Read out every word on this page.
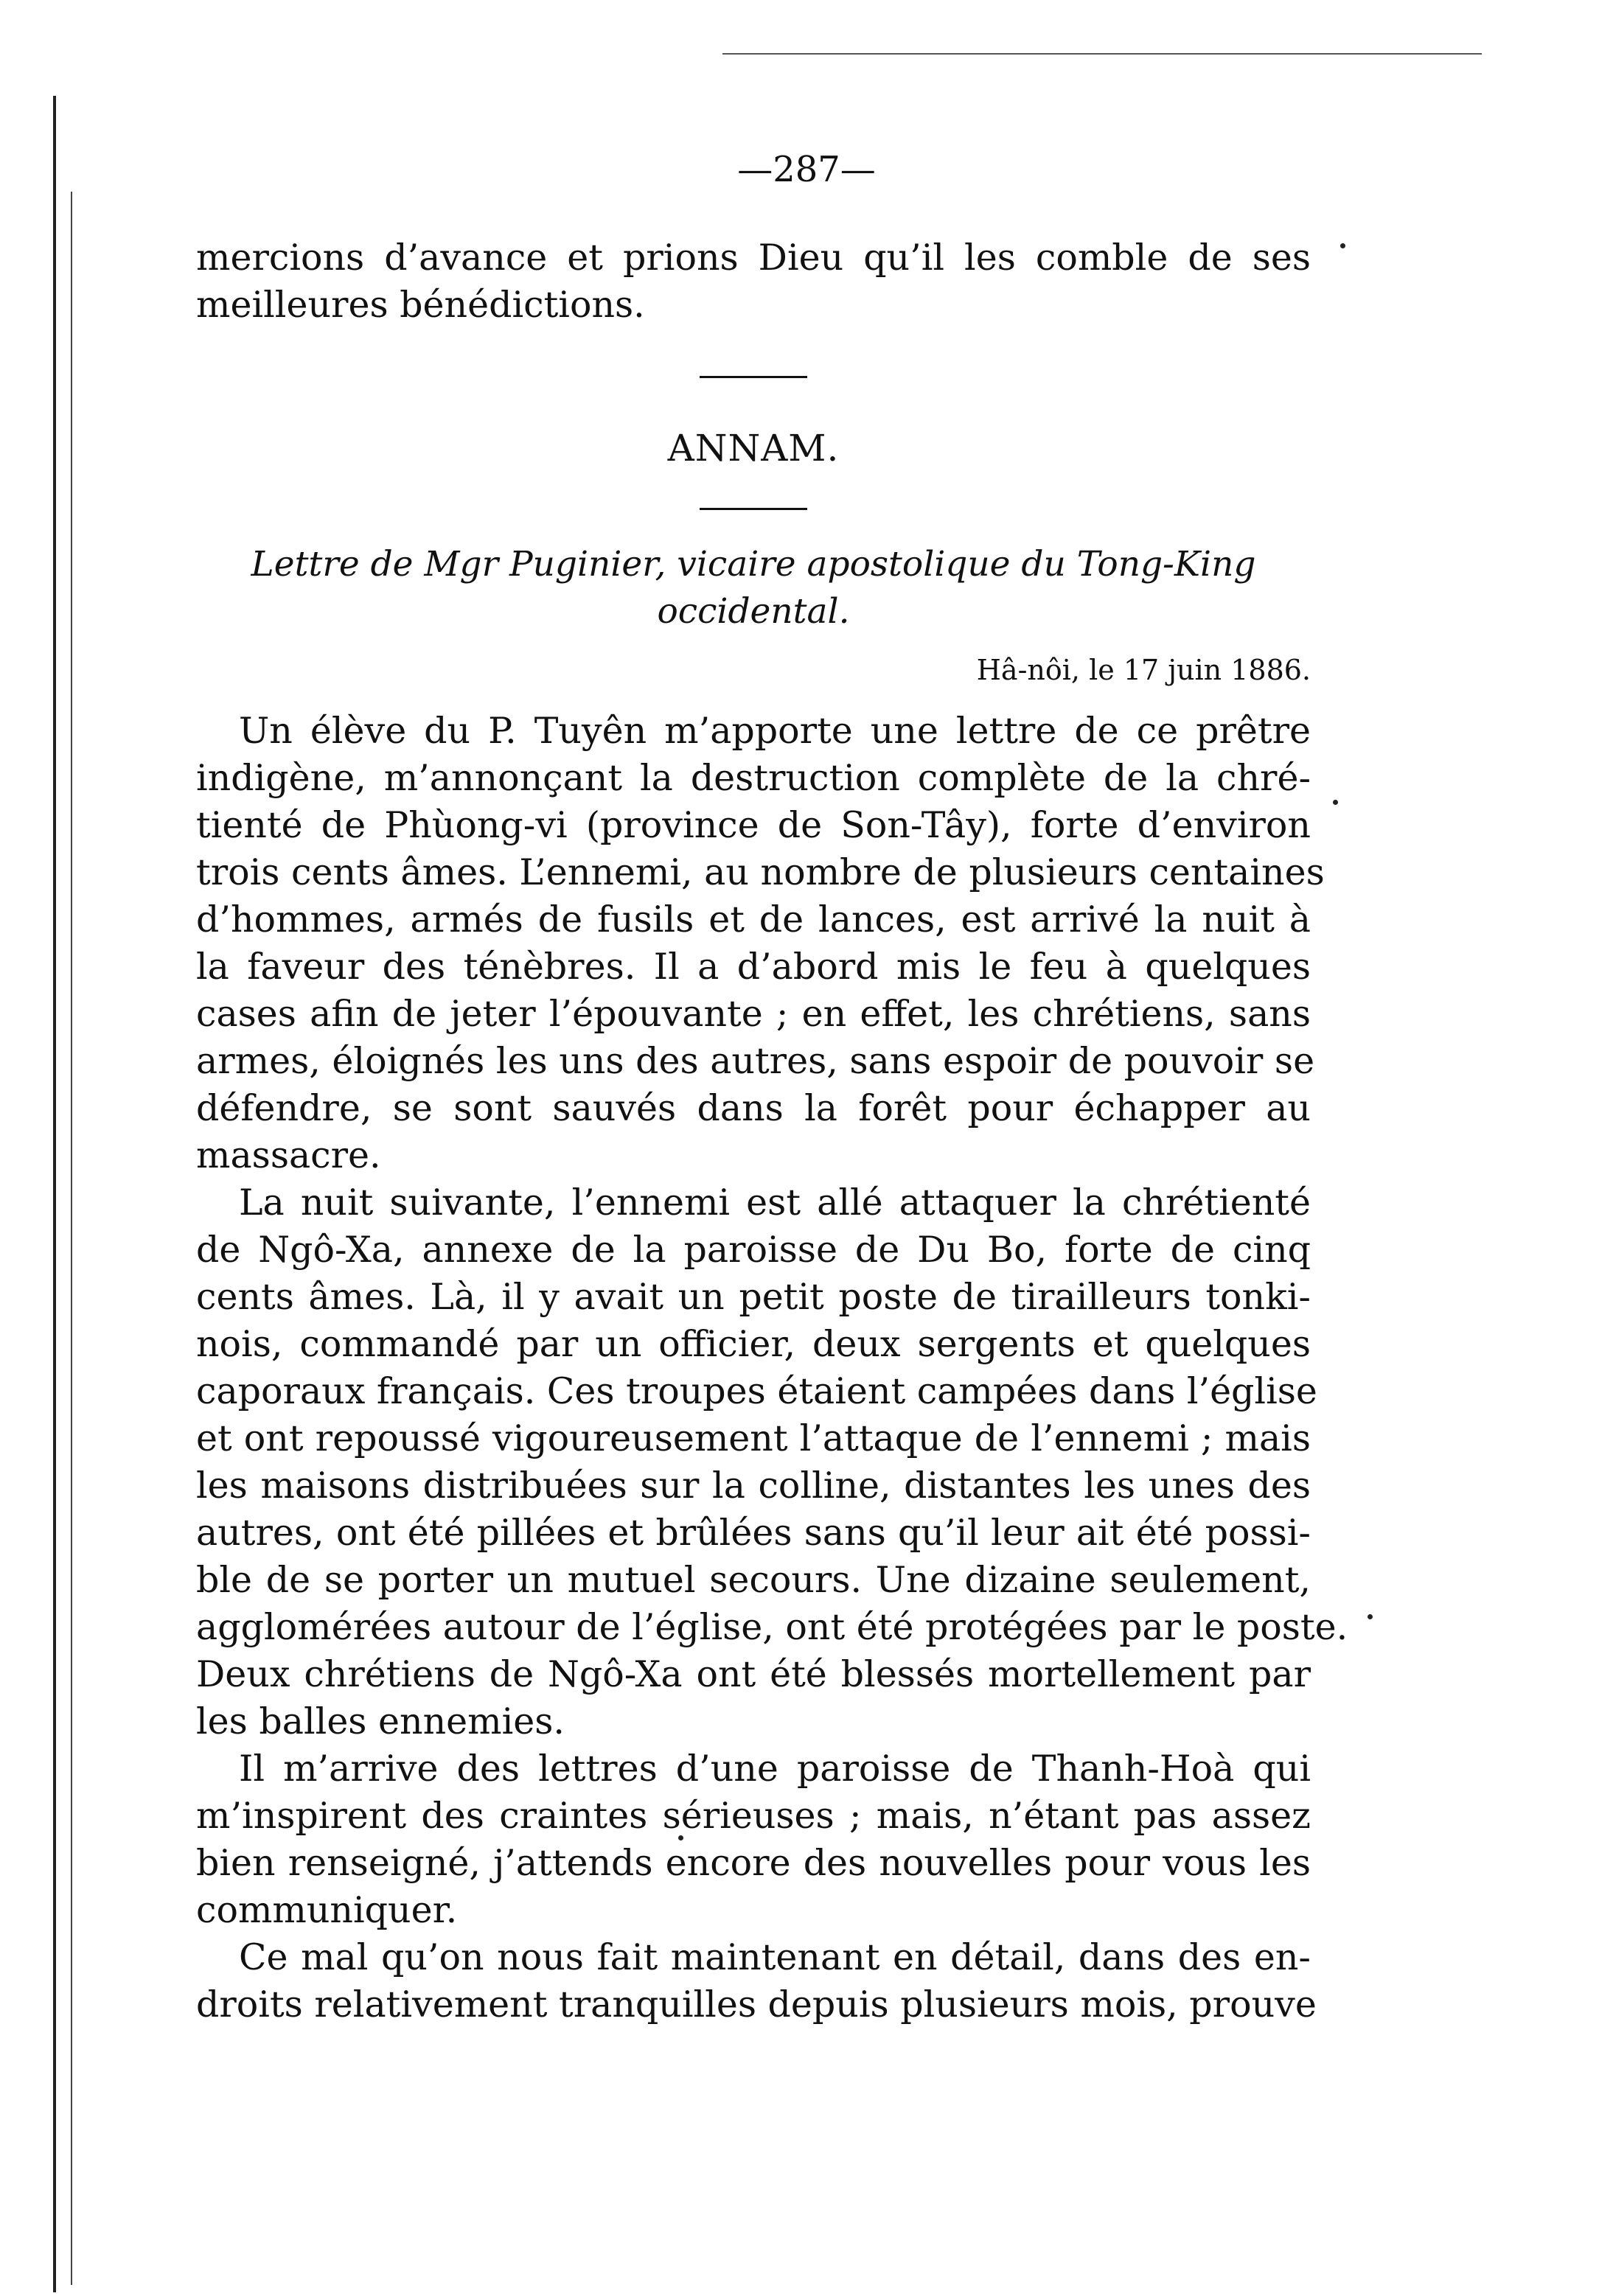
—287—
mercions d’avance et prions Dieu qu’il les comble de ses
meilleures bénédictions.
ANNAM.
Lettre de Mgr Puginier, vicaire apostolique du Tong-King
occidental.
Hâ-nôi, le 17 juin 1886.
Un élève du P. Tuyên m’apporte une lettre de ce prêtre
indigène, m’annonçant la destruction complète de la chré-
tienté de Phùong-vi (province de Son-Tây), forte d’environ
trois cents âmes. L’ennemi, au nombre de plusieurs centaines
d’hommes, armés de fusils et de lances, est arrivé la nuit à
la faveur des ténèbres. Il a d’abord mis le feu à quelques
cases afin de jeter l’épouvante ; en effet, les chrétiens, sans
armes, éloignés les uns des autres, sans espoir de pouvoir se
défendre, se sont sauvés dans la forêt pour échapper au
massacre.
La nuit suivante, l’ennemi est allé attaquer la chrétienté
de Ngô-Xa, annexe de la paroisse de Du Bo, forte de cinq
cents âmes. Là, il y avait un petit poste de tirailleurs tonki-
nois, commandé par un officier, deux sergents et quelques
caporaux français. Ces troupes étaient campées dans l’église
et ont repoussé vigoureusement l’attaque de l’ennemi ; mais
les maisons distribuées sur la colline, distantes les unes des
autres, ont été pillées et brûlées sans qu’il leur ait été possi-
ble de se porter un mutuel secours. Une dizaine seulement,
agglomérées autour de l’église, ont été protégées par le poste.
Deux chrétiens de Ngô-Xa ont été blessés mortellement par
les balles ennemies.
Il m’arrive des lettres d’une paroisse de Thanh-Hoà qui
m’inspirent des craintes sérieuses ; mais, n’étant pas assez
bien renseigné, j’attends encore des nouvelles pour vous les
communiquer.
Ce mal qu’on nous fait maintenant en détail, dans des en-
droits relativement tranquilles depuis plusieurs mois, prouve
